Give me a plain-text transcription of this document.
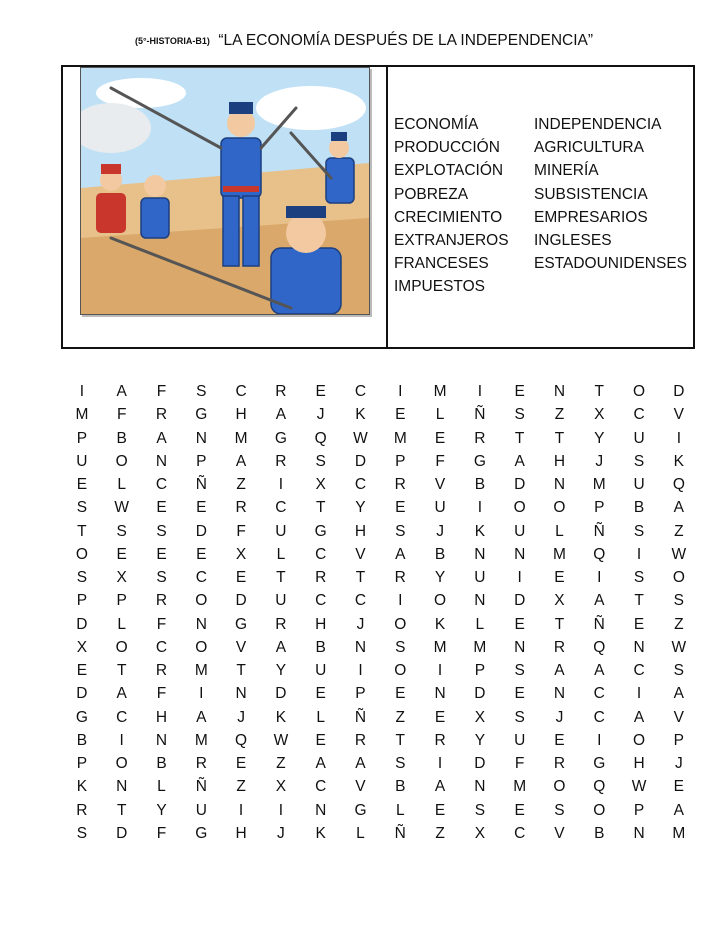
(5°-HISTORIA-B1) “LA ECONOMÍA DESPUÉS DE LA INDEPENDENCIA”
ECONOMÍA	INDEPENDENCIA
PRODUCCIÓN	AGRICULTURA
EXPLOTACIÓN	MINERÍA
POBREZA	SUBSISTENCIA
CRECIMIENTO	EMPRESARIOS
EXTRANJEROS	INGLESES
FRANCESES	ESTADOUNIDENSES
IMPUESTOS
I	A	F	S	C	R	E	C	I	M	I	E	N	T	O	D
M	F	R	G	H	A	J	K	E	L	Ñ	S	Z	X	C	V
P	B	A	N	M	G	Q	W	M	E	R	T	T	Y	U	I
U	O	N	P	A	R	S	D	P	F	G	A	H	J	S	K
E	L	C	Ñ	Z	I	X	C	R	V	B	D	N	M	U	Q
S	W	E	E	R	C	T	Y	E	U	I	O	O	P	B	A
T	S	S	D	F	U	G	H	S	J	K	U	L	Ñ	S	Z
O	E	E	E	X	L	C	V	A	B	N	N	M	Q	I	W
S	X	S	C	E	T	R	T	R	Y	U	I	E	I	S	O
P	P	R	O	D	U	C	C	I	O	N	D	X	A	T	S
D	L	F	N	G	R	H	J	O	K	L	E	T	Ñ	E	Z
X	O	C	O	V	A	B	N	S	M	M	N	R	Q	N	W
E	T	R	M	T	Y	U	I	O	I	P	S	A	A	C	S
D	A	F	I	N	D	E	P	E	N	D	E	N	C	I	A
G	C	H	A	J	K	L	Ñ	Z	E	X	S	J	C	A	V
B	I	N	M	Q	W	E	R	T	R	Y	U	E	I	O	P
P	O	B	R	E	Z	A	A	S	I	D	F	R	G	H	J
K	N	L	Ñ	Z	X	C	V	B	A	N	M	O	Q	W	E
R	T	Y	U	I	I	N	G	L	E	S	E	S	O	P	A
S	D	F	G	H	J	K	L	Ñ	Z	X	C	V	B	N	M
